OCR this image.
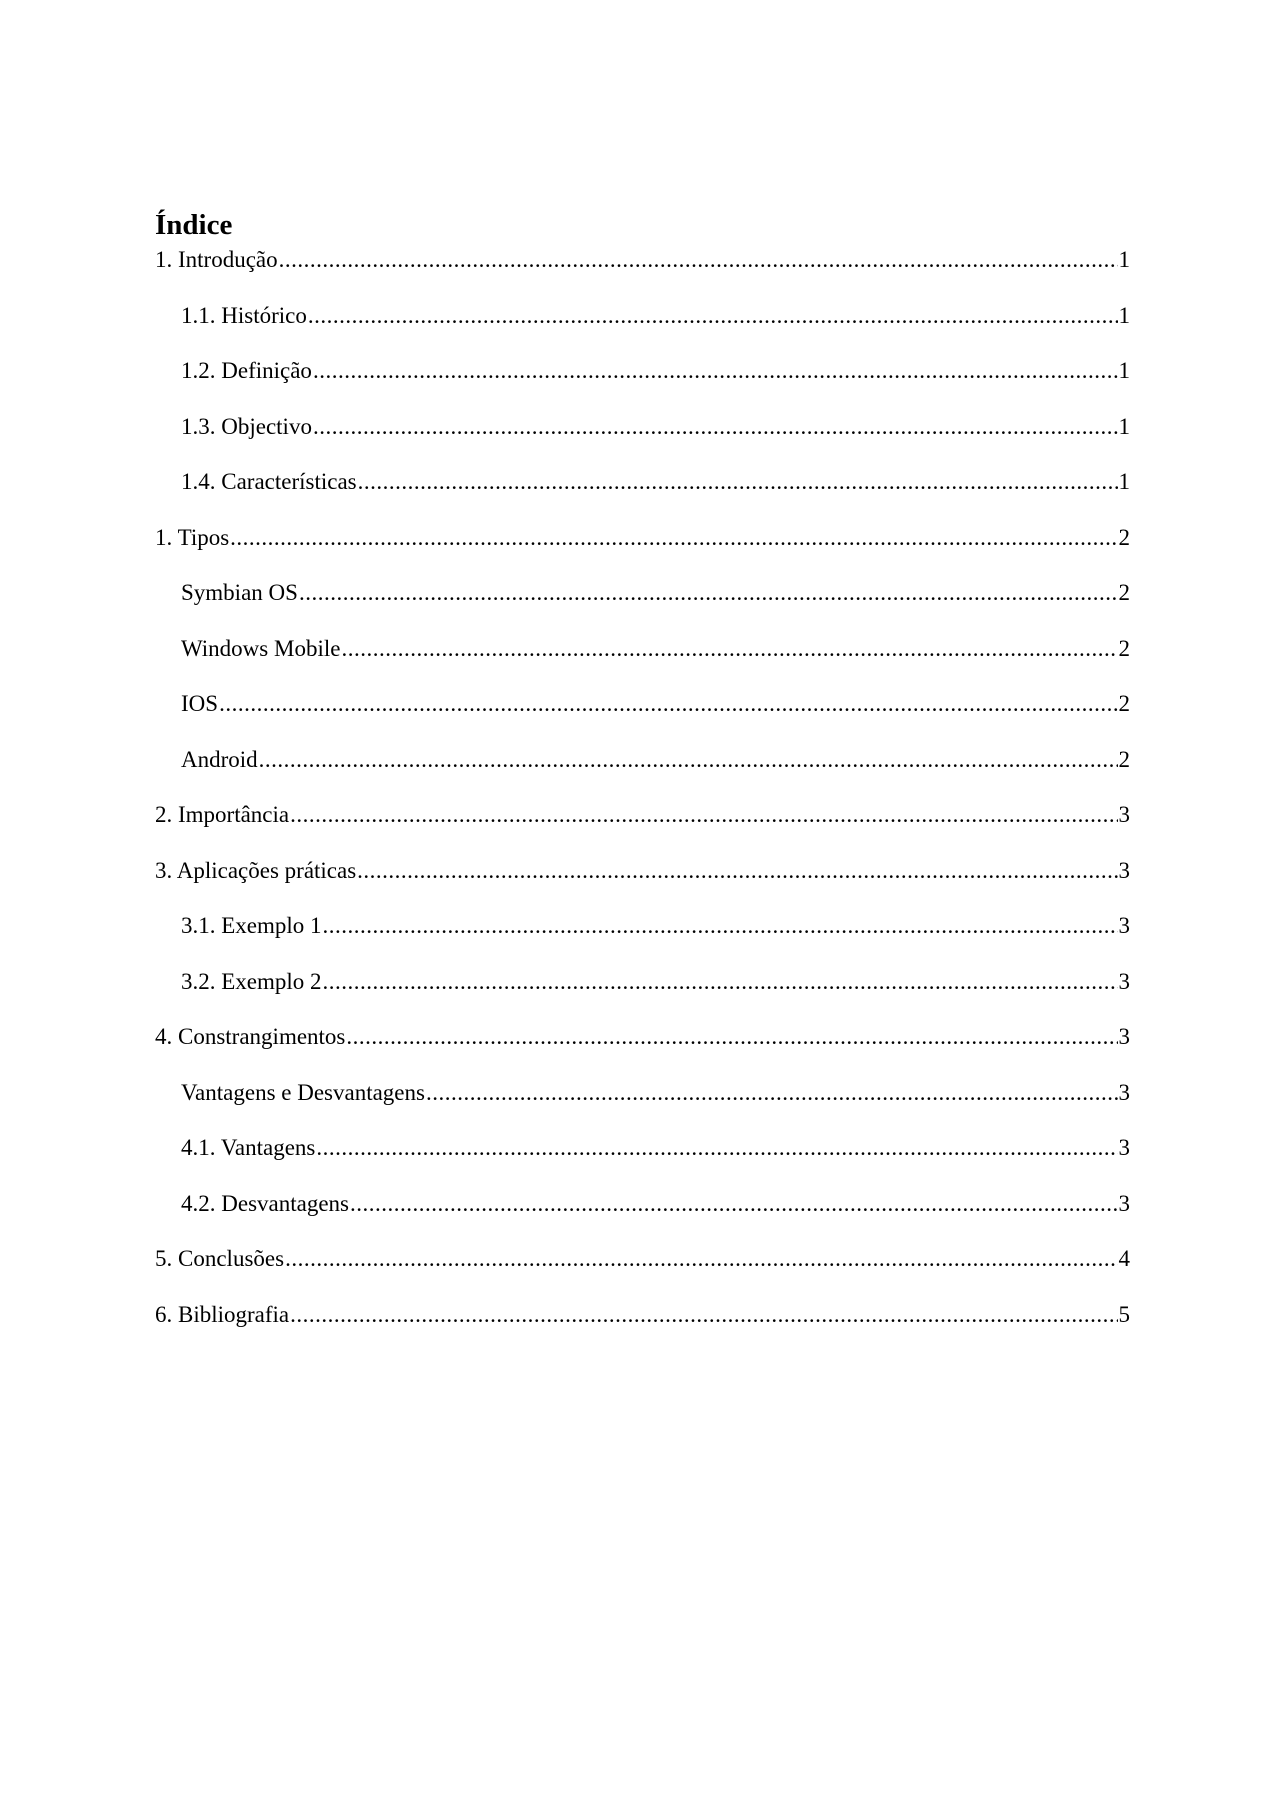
Índice
1. Introdução .....	1
1.1. Histórico .....	1
1.2. Definição .....	1
1.3. Objectivo .....	1
1.4. Características .....	1
1. Tipos .....	2
Symbian OS .....	2
Windows Mobile .....	2
IOS .....	2
Android .....	2
2. Importância .....	3
3. Aplicações práticas .....	3
3.1. Exemplo 1 .....	3
3.2. Exemplo 2 .....	3
4. Constrangimentos .....	3
Vantagens e Desvantagens .....	3
4.1. Vantagens .....	3
4.2. Desvantagens .....	3
5. Conclusões .....	4
6. Bibliografia .....	5
